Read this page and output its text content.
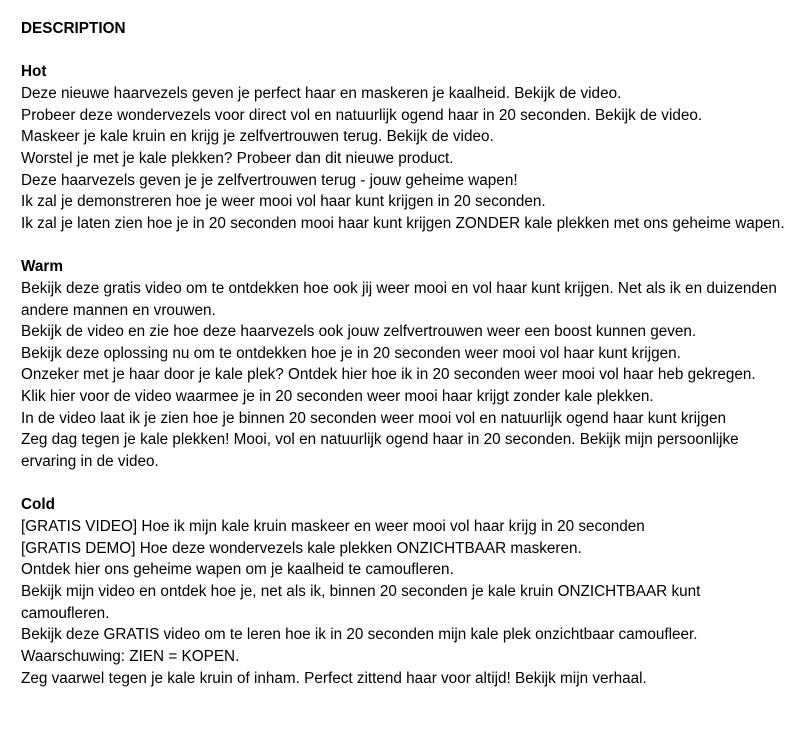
DESCRIPTION
Hot
Deze nieuwe haarvezels geven je perfect haar en maskeren je kaalheid. Bekijk de video.
Probeer deze wondervezels voor direct vol en natuurlijk ogend haar in 20 seconden. Bekijk de video.
Maskeer je kale kruin en krijg je zelfvertrouwen terug. Bekijk de video.
Worstel je met je kale plekken? Probeer dan dit nieuwe product.
Deze haarvezels geven je je zelfvertrouwen terug - jouw geheime wapen!
Ik zal je demonstreren hoe je weer mooi vol haar kunt krijgen in 20 seconden.
Ik zal je laten zien hoe je in 20 seconden mooi haar kunt krijgen ZONDER kale plekken met ons geheime wapen.
Warm
Bekijk deze gratis video om te ontdekken hoe ook jij weer mooi en vol haar kunt krijgen. Net als ik en duizenden andere mannen en vrouwen.
Bekijk de video en zie hoe deze haarvezels ook jouw zelfvertrouwen weer een boost kunnen geven.
Bekijk deze oplossing nu om te ontdekken hoe je in 20 seconden weer mooi vol haar kunt krijgen.
Onzeker met je haar door je kale plek? Ontdek hier hoe ik in 20 seconden weer mooi vol haar heb gekregen.
Klik hier voor de video waarmee je in 20 seconden weer mooi haar krijgt zonder kale plekken.
In de video laat ik je zien hoe je binnen 20 seconden weer mooi vol en natuurlijk ogend haar kunt krijgen
Zeg dag tegen je kale plekken! Mooi, vol en natuurlijk ogend haar in 20 seconden. Bekijk mijn persoonlijke ervaring in de video.
Cold
[GRATIS VIDEO] Hoe ik mijn kale kruin maskeer en weer mooi vol haar krijg in 20 seconden
[GRATIS DEMO] Hoe deze wondervezels kale plekken ONZICHTBAAR maskeren.
Ontdek hier ons geheime wapen om je kaalheid te camoufleren.
Bekijk mijn video en ontdek hoe je, net als ik, binnen 20 seconden je kale kruin ONZICHTBAAR kunt camoufleren.
Bekijk deze GRATIS video om te leren hoe ik in 20 seconden mijn kale plek onzichtbaar camoufleer.
Waarschuwing: ZIEN = KOPEN.
Zeg vaarwel tegen je kale kruin of inham. Perfect zittend haar voor altijd! Bekijk mijn verhaal.
